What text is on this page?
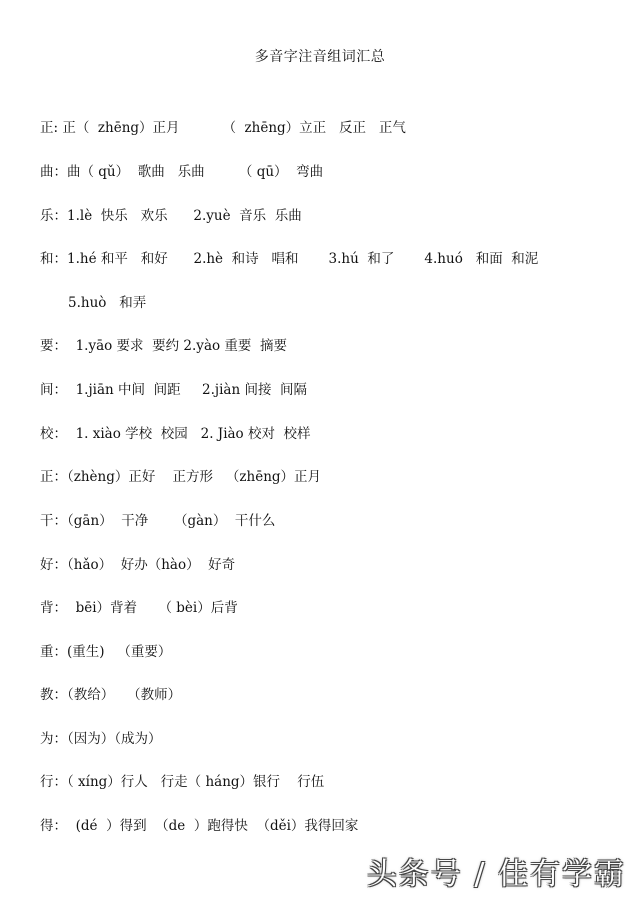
多音字注音组词汇总
正: 正（  zhēng）正月          （  zhēng）立正   反正   正气
曲：曲（ qǔ）  歌曲   乐曲        （ qū）  弯曲
乐：1.lè  快乐   欢乐      2.yuè  音乐  乐曲
和：1.hé 和平   和好      2.hè  和诗   唱和       3.hú  和了       4.huó   和面  和泥
5.huò   和弄
要：  1.yāo 要求  要约 2.yào 重要  摘要
间：  1.jiān 中间  间距     2.jiàn 间接  间隔
校：  1. xiào 学校  校园   2. Jiào 校对  校样
正：（zhèng）正好    正方形   （zhēng）正月
干：（gān）  干净      （gàn）  干什么
好：（hǎo）  好办（hào）  好奇
背：  bēi）背着     （ bèi）后背
重：(重生)   （重要）
教：（教给）   （教师）
为：（因为）（成为）
行：（ xíng）行人   行走（ háng）银行    行伍
得：  (dé  ）得到  （de  ）跑得快  （děi）我得回家
头条号 / 佳有学霸
